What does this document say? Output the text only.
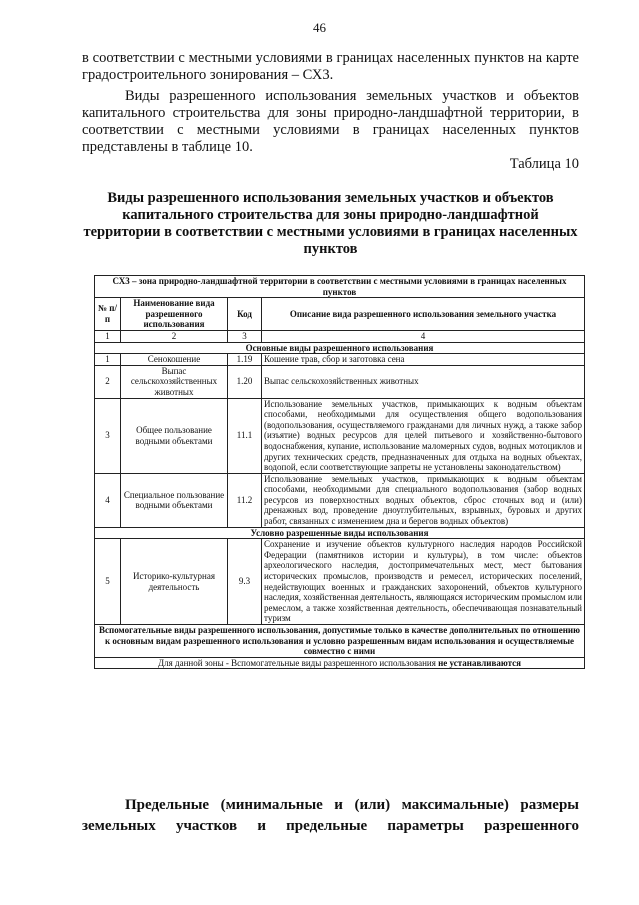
46

в соответствии с местными условиями в границах населенных пунктов на карте градостроительного зонирования – СХ3.

Виды разрешенного использования земельных участков и объектов капитального строительства для зоны природно-ландшафтной территории, в соответствии с местными условиями в границах населенных пунктов представлены в таблице 10.

Таблица 10
Виды разрешенного использования земельных участков и объектов капитального строительства для зоны природно-ландшафтной территории в соответствии с местными условиями в границах населенных пунктов
СХ3 – зона природно-ландшафтной территории в соответствии с местными условиями в границах населенных пунктов			
№ п/п	Наименование вида разрешенного использования	Код	Описание вида разрешенного использования земельного участка
1	2	3	4
Основные виды разрешенного использования			
1	Сенокошение	1.19	Кошение трав, сбор и заготовка сена
2	Выпас сельскохозяйственных животных	1.20	Выпас сельскохозяйственных животных
3	Общее пользование водными объектами	11.1	Использование земельных участков, примыкающих к водным объектам способами, необходимыми для осуществления общего водопользования (водопользования, осуществляемого гражданами для личных нужд, а также забор (изъятие) водных ресурсов для целей питьевого и хозяйственно-бытового водоснабжения, купание, использование маломерных судов, водных мотоциклов и других технических средств, предназначенных для отдыха на водных объектах, водопой, если соответствующие запреты не установлены законодательством)
4	Специальное пользование водными объектами	11.2	Использование земельных участков, примыкающих к водным объектам способами, необходимыми для специального водопользования (забор водных ресурсов из поверхностных водных объектов, сброс сточных вод и (или) дренажных вод, проведение дноуглубительных, взрывных, буровых и других работ, связанных с изменением дна и берегов водных объектов)
Условно разрешенные виды использования			
5	Историко-культурная деятельность	9.3	Сохранение и изучение объектов культурного наследия народов Российской Федерации (памятников истории и культуры), в том числе: объектов археологического наследия, достопримечательных мест, мест бытования исторических промыслов, производств и ремесел, исторических поселений, недействующих военных и гражданских захоронений, объектов культурного наследия, хозяйственная деятельность, являющаяся историческим промыслом или ремеслом, а также хозяйственная деятельность, обеспечивающая познавательный туризм
Вспомогательные виды разрешенного использования, допустимые только в качестве дополнительных по отношению к основным видам разрешенного использования и условно разрешенным видам использования и осуществляемые совместно с ними			
Для данной зоны - Вспомогательные виды разрешенного использования не устанавливаются			

Предельные (минимальные и (или) максимальные) размеры
земельных участков и предельные параметры разрешенного
